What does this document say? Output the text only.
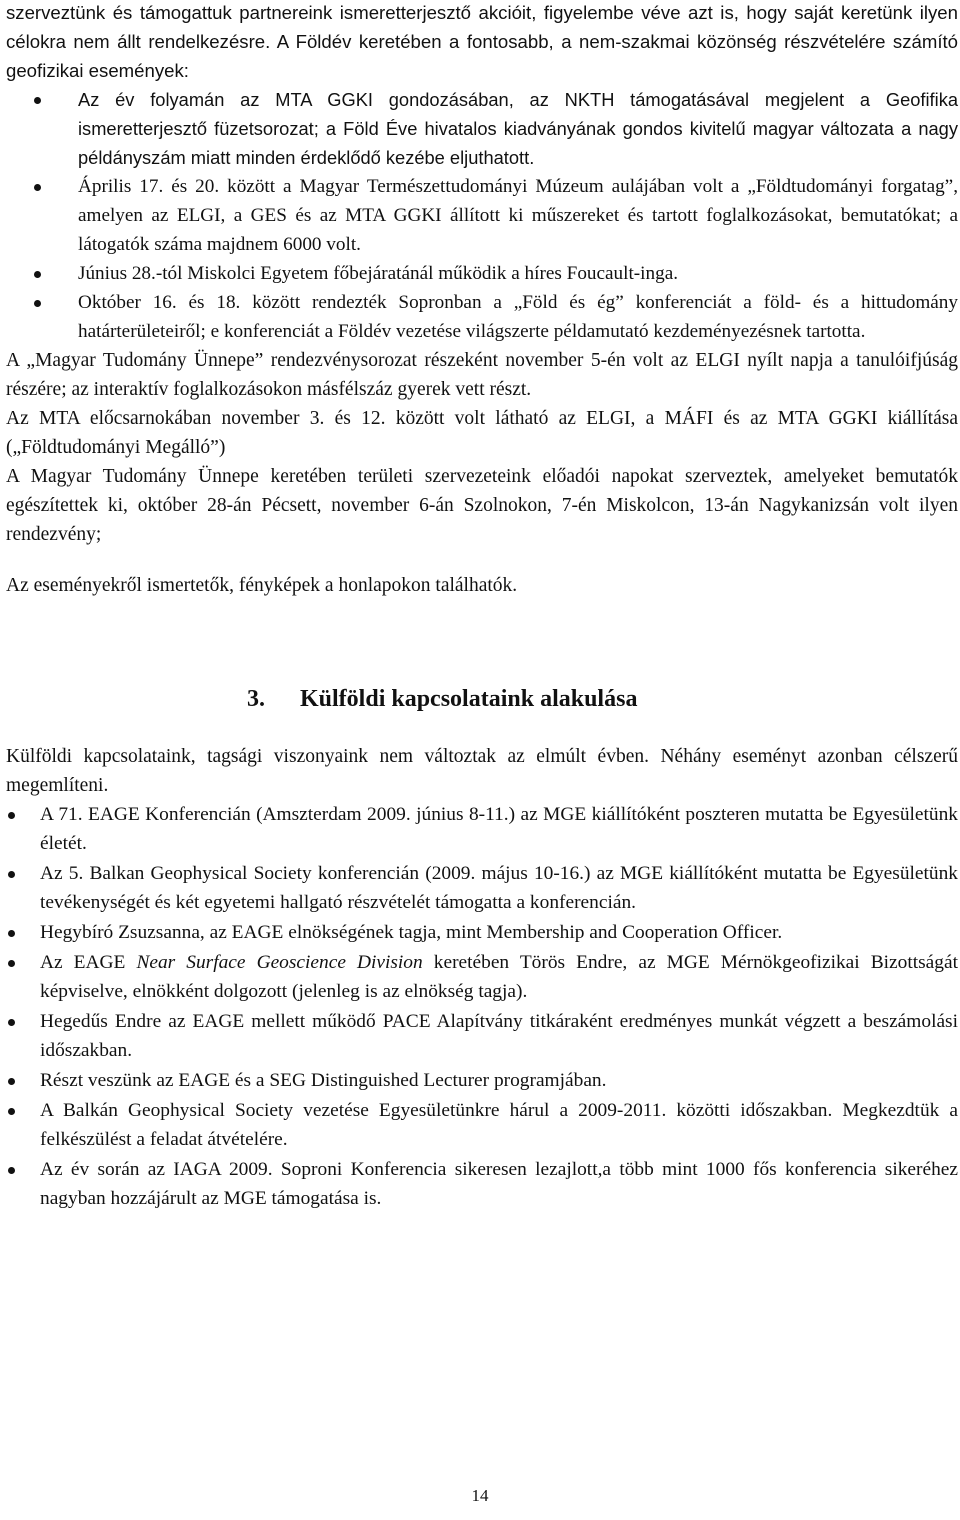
szerveztünk és támogattuk partnereink ismeretterjesztő akcióit, figyelembe véve azt is, hogy saját keretünk ilyen célokra nem állt rendelkezésre. A Földév keretében a fontosabb, a nem-szakmai közönség részvételére számító geofizikai események:

Az év folyamán az MTA GGKI gondozásában, az NKTH támogatásával megjelent a Geofifika ismeretterjesztő füzetsorozat; a Föld Éve hivatalos kiadványának gondos kivitelű magyar változata a nagy példányszám miatt minden érdeklődő kezébe eljuthatott.
Április 17. és 20. között a Magyar Természettudományi Múzeum aulájában volt a „Földtudományi forgatag”, amelyen az ELGI, a GES és az MTA GGKI állított ki műszereket és tartott foglalkozásokat, bemutatókat; a látogatók száma majdnem 6000 volt.
Június 28.-tól Miskolci Egyetem főbejáratánál működik a híres Foucault-inga.
Október 16. és 18. között rendezték Sopronban a „Föld és ég” konferenciát a föld- és a hittudomány határterületeiről; e konferenciát a Földév vezetése világszerte példamutató kezdeményezésnek tartotta.

A „Magyar Tudomány Ünnepe” rendezvénysorozat részeként november 5-én volt az ELGI nyílt napja a tanulóifjúság részére; az interaktív foglalkozásokon másfélszáz gyerek vett részt.

Az MTA előcsarnokában november 3. és 12. között volt látható az ELGI, a MÁFI és az MTA GGKI kiállítása („Földtudományi Megálló”)

A Magyar Tudomány Ünnepe keretében területi szervezeteink előadói napokat szerveztek, amelyeket bemutatók egészítettek ki, október 28-án Pécsett, november 6-án Szolnokon, 7-én Miskolcon, 13-án Nagykanizsán volt ilyen rendezvény;

Az eseményekről ismertetők, fényképek a honlapokon találhatók.

3. Külföldi kapcsolataink alakulása

Külföldi kapcsolataink, tagsági viszonyaink nem változtak az elmúlt évben. Néhány eseményt azonban célszerű megemlíteni.

A 71. EAGE Konferencián (Amszterdam 2009. június 8-11.) az MGE kiállítóként poszteren mutatta be Egyesületünk életét.
Az 5. Balkan Geophysical Society konferencián (2009. május 10-16.) az MGE kiállítóként mutatta be Egyesületünk tevékenységét és két egyetemi hallgató részvételét támogatta a konferencián.
Hegybíró Zsuzsanna, az EAGE elnökségének tagja, mint Membership and Cooperation Officer.
Az EAGE Near Surface Geoscience Division keretében Törös Endre, az MGE Mérnökgeofizikai Bizottságát képviselve, elnökként dolgozott (jelenleg is az elnökség tagja).
Hegedűs Endre az EAGE mellett működő PACE Alapítvány titkáraként eredményes munkát végzett a beszámolási időszakban.
Részt veszünk az EAGE és a SEG Distinguished Lecturer programjában.
A Balkán Geophysical Society vezetése Egyesületünkre hárul a 2009-2011. közötti időszakban. Megkezdtük a felkészülést a feladat átvételére.
Az év során az IAGA 2009. Soproni Konferencia sikeresen lezajlott,a több mint 1000 fős konferencia sikeréhez nagyban hozzájárult az MGE támogatása is.
14
